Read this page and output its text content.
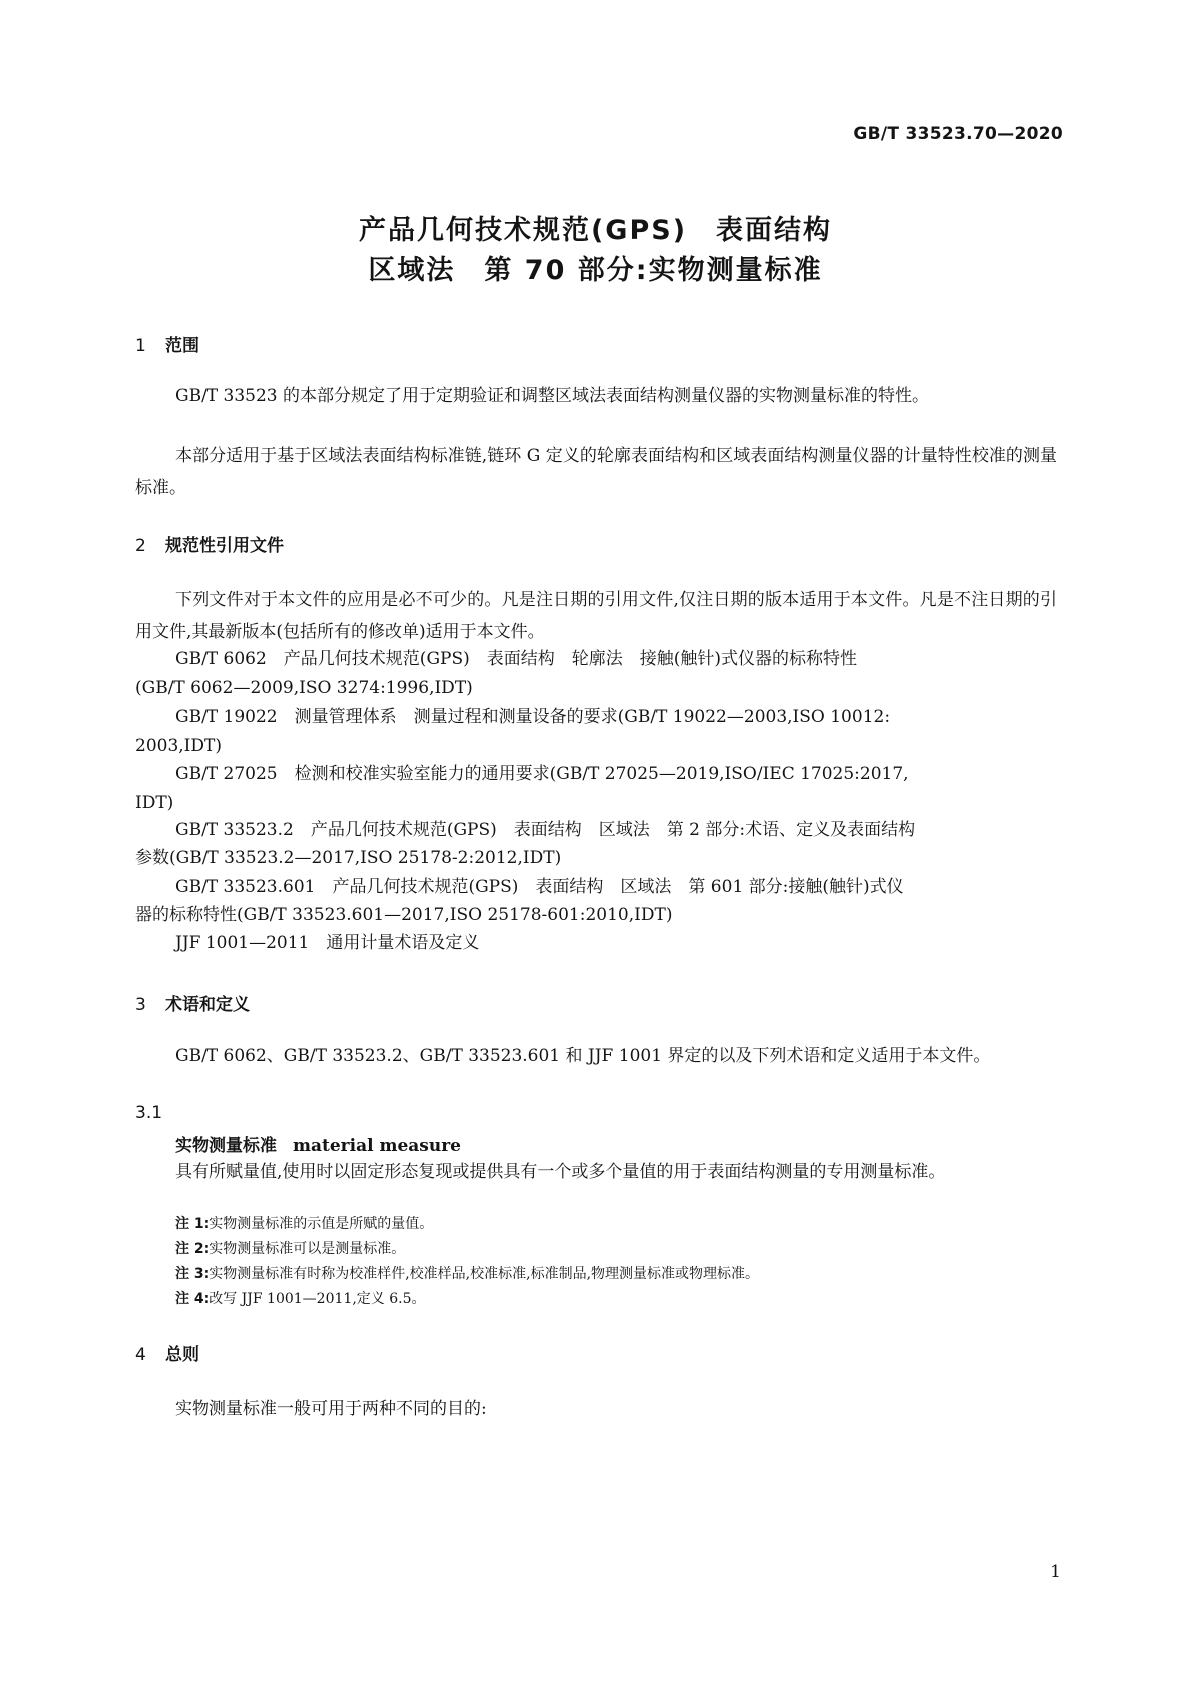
GB/T 33523.70—2020
产品几何技术规范(GPS)　表面结构
区域法　第 70 部分:实物测量标准
1 范围

GB/T 33523 的本部分规定了用于定期验证和调整区域法表面结构测量仪器的实物测量标准的特性。

本部分适用于基于区域法表面结构标准链,链环 G 定义的轮廓表面结构和区域表面结构测量仪器的计量特性校准的测量标准。

2 规范性引用文件

下列文件对于本文件的应用是必不可少的。凡是注日期的引用文件,仅注日期的版本适用于本文件。凡是不注日期的引用文件,其最新版本(包括所有的修改单)适用于本文件。

GB/T 6062　产品几何技术规范(GPS)　表面结构　轮廓法　接触(触针)式仪器的标称特性

(GB/T 6062—2009,ISO 3274:1996,IDT)

GB/T 19022　测量管理体系　测量过程和测量设备的要求(GB/T 19022—2003,ISO 10012:

2003,IDT)

GB/T 27025　检测和校准实验室能力的通用要求(GB/T 27025—2019,ISO/IEC 17025:2017,

IDT)

GB/T 33523.2　产品几何技术规范(GPS)　表面结构　区域法　第 2 部分:术语、定义及表面结构

参数(GB/T 33523.2—2017,ISO 25178-2:2012,IDT)

GB/T 33523.601　产品几何技术规范(GPS)　表面结构　区域法　第 601 部分:接触(触针)式仪

器的标称特性(GB/T 33523.601—2017,ISO 25178-601:2010,IDT)

JJF 1001—2011　通用计量术语及定义

3 术语和定义

GB/T 6062、GB/T 33523.2、GB/T 33523.601 和 JJF 1001 界定的以及下列术语和定义适用于本文件。

3.1

实物测量标准 material measure

具有所赋量值,使用时以固定形态复现或提供具有一个或多个量值的用于表面结构测量的专用测量标准。

注 1:实物测量标准的示值是所赋的量值。

注 2:实物测量标准可以是测量标准。

注 3:实物测量标准有时称为校准样件,校准样品,校准标准,标准制品,物理测量标准或物理标准。

注 4:改写 JJF 1001—2011,定义 6.5。

4 总则

实物测量标准一般可用于两种不同的目的:

1
